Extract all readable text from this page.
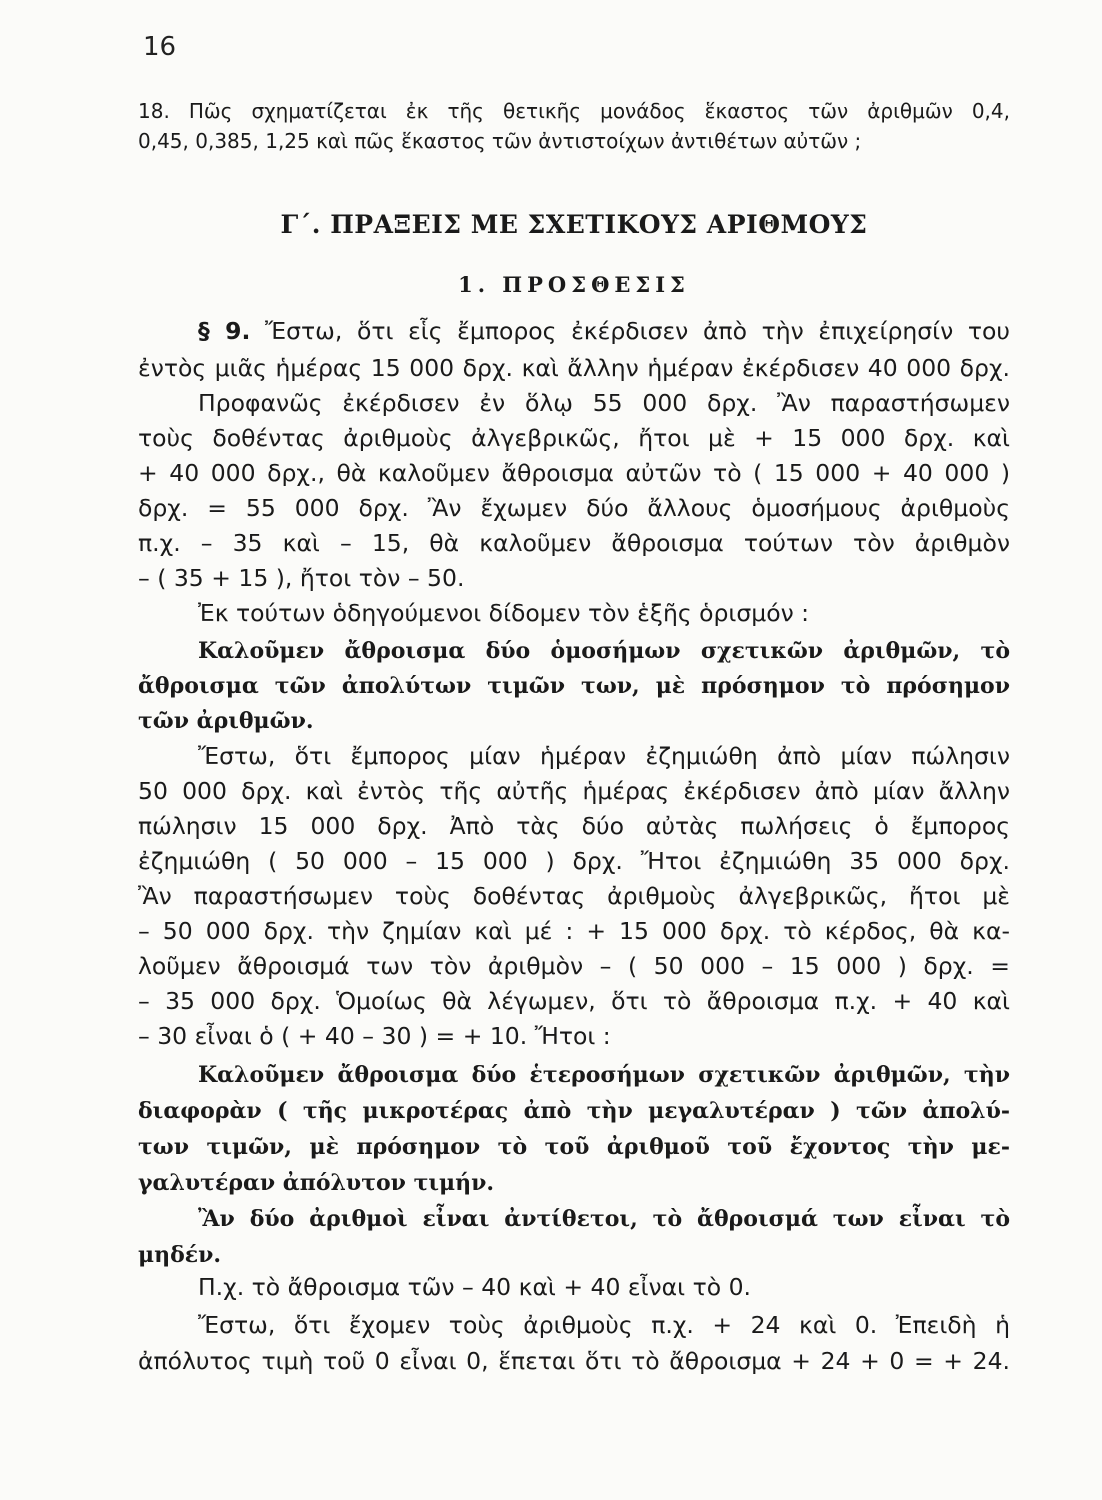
16
18. Πῶς σχηματίζεται ἐκ τῆς θετικῆς μονάδος ἕκαστος τῶν ἀριθμῶν 0,4,
0,45, 0,385, 1,25 καὶ πῶς ἕκαστος τῶν ἀντιστοίχων ἀντιθέτων αὐτῶν ;
Γ΄. ΠΡΑΞΕΙΣ ΜΕ ΣΧΕΤΙΚΟΥΣ ΑΡΙΘΜΟΥΣ
1. ΠΡΟΣΘΕΣΙΣ
§ 9. Ἔστω, ὅτι εἷς ἔμπορος ἐκέρδισεν ἀπὸ τὴν ἐπιχείρησίν του
ἐντὸς μιᾶς ἡμέρας 15 000 δρχ. καὶ ἄλλην ἡμέραν ἐκέρδισεν 40 000 δρχ.
Προφανῶς ἐκέρδισεν ἐν ὅλῳ 55 000 δρχ. Ἂν παραστήσωμεν
τοὺς δοθέντας ἀριθμοὺς ἀλγεβρικῶς, ἤτοι μὲ + 15 000 δρχ. καὶ
+ 40 000 δρχ., θὰ καλοῦμεν ἄθροισμα αὐτῶν τὸ ( 15 000 + 40 000 )
δρχ. = 55 000 δρχ. Ἂν ἔχωμεν δύο ἄλλους ὁμοσήμους ἀριθμοὺς
π.χ. – 35 καὶ – 15, θὰ καλοῦμεν ἄθροισμα τούτων τὸν ἀριθμὸν
– ( 35 + 15 ), ἤτοι τὸν – 50.
Ἐκ τούτων ὁδηγούμενοι δίδομεν τὸν ἑξῆς ὁρισμόν :
Καλοῦμεν ἄθροισμα δύο ὁμοσήμων σχετικῶν ἀριθμῶν, τὸ
ἄθροισμα τῶν ἀπολύτων τιμῶν των, μὲ πρόσημον τὸ πρόσημον
τῶν ἀριθμῶν.
Ἔστω, ὅτι ἔμπορος μίαν ἡμέραν ἐζημιώθη ἀπὸ μίαν πώλησιν
50 000 δρχ. καὶ ἐντὸς τῆς αὐτῆς ἡμέρας ἐκέρδισεν ἀπὸ μίαν ἄλλην
πώλησιν 15 000 δρχ. Ἀπὸ τὰς δύο αὐτὰς πωλήσεις ὁ ἔμπορος
ἐζημιώθη ( 50 000 – 15 000 ) δρχ. Ἤτοι ἐζημιώθη 35 000 δρχ.
Ἂν παραστήσωμεν τοὺς δοθέντας ἀριθμοὺς ἀλγεβρικῶς, ἤτοι μὲ
– 50 000 δρχ. τὴν ζημίαν καὶ μέ : + 15 000 δρχ. τὸ κέρδος, θὰ κα-
λοῦμεν ἄθροισμά των τὸν ἀριθμὸν – ( 50 000 – 15 000 ) δρχ. =
– 35 000 δρχ. Ὁμοίως θὰ λέγωμεν, ὅτι τὸ ἄθροισμα π.χ. + 40 καὶ
– 30 εἶναι ὁ ( + 40 – 30 ) = + 10. Ἤτοι :
Καλοῦμεν ἄθροισμα δύο ἑτεροσήμων σχετικῶν ἀριθμῶν, τὴν
διαφορὰν ( τῆς μικροτέρας ἀπὸ τὴν μεγαλυτέραν ) τῶν ἀπολύ-
των τιμῶν, μὲ πρόσημον τὸ τοῦ ἀριθμοῦ τοῦ ἔχοντος τὴν με-
γαλυτέραν ἀπόλυτον τιμήν.
Ἂν δύο ἀριθμοὶ εἶναι ἀντίθετοι, τὸ ἄθροισμά των εἶναι τὸ
μηδέν.
Π.χ. τὸ ἄθροισμα τῶν – 40 καὶ + 40 εἶναι τὸ 0.
Ἔστω, ὅτι ἔχομεν τοὺς ἀριθμοὺς π.χ. + 24 καὶ 0. Ἐπειδὴ ἡ
ἀπόλυτος τιμὴ τοῦ 0 εἶναι 0, ἕπεται ὅτι τὸ ἄθροισμα + 24 + 0 = + 24.
